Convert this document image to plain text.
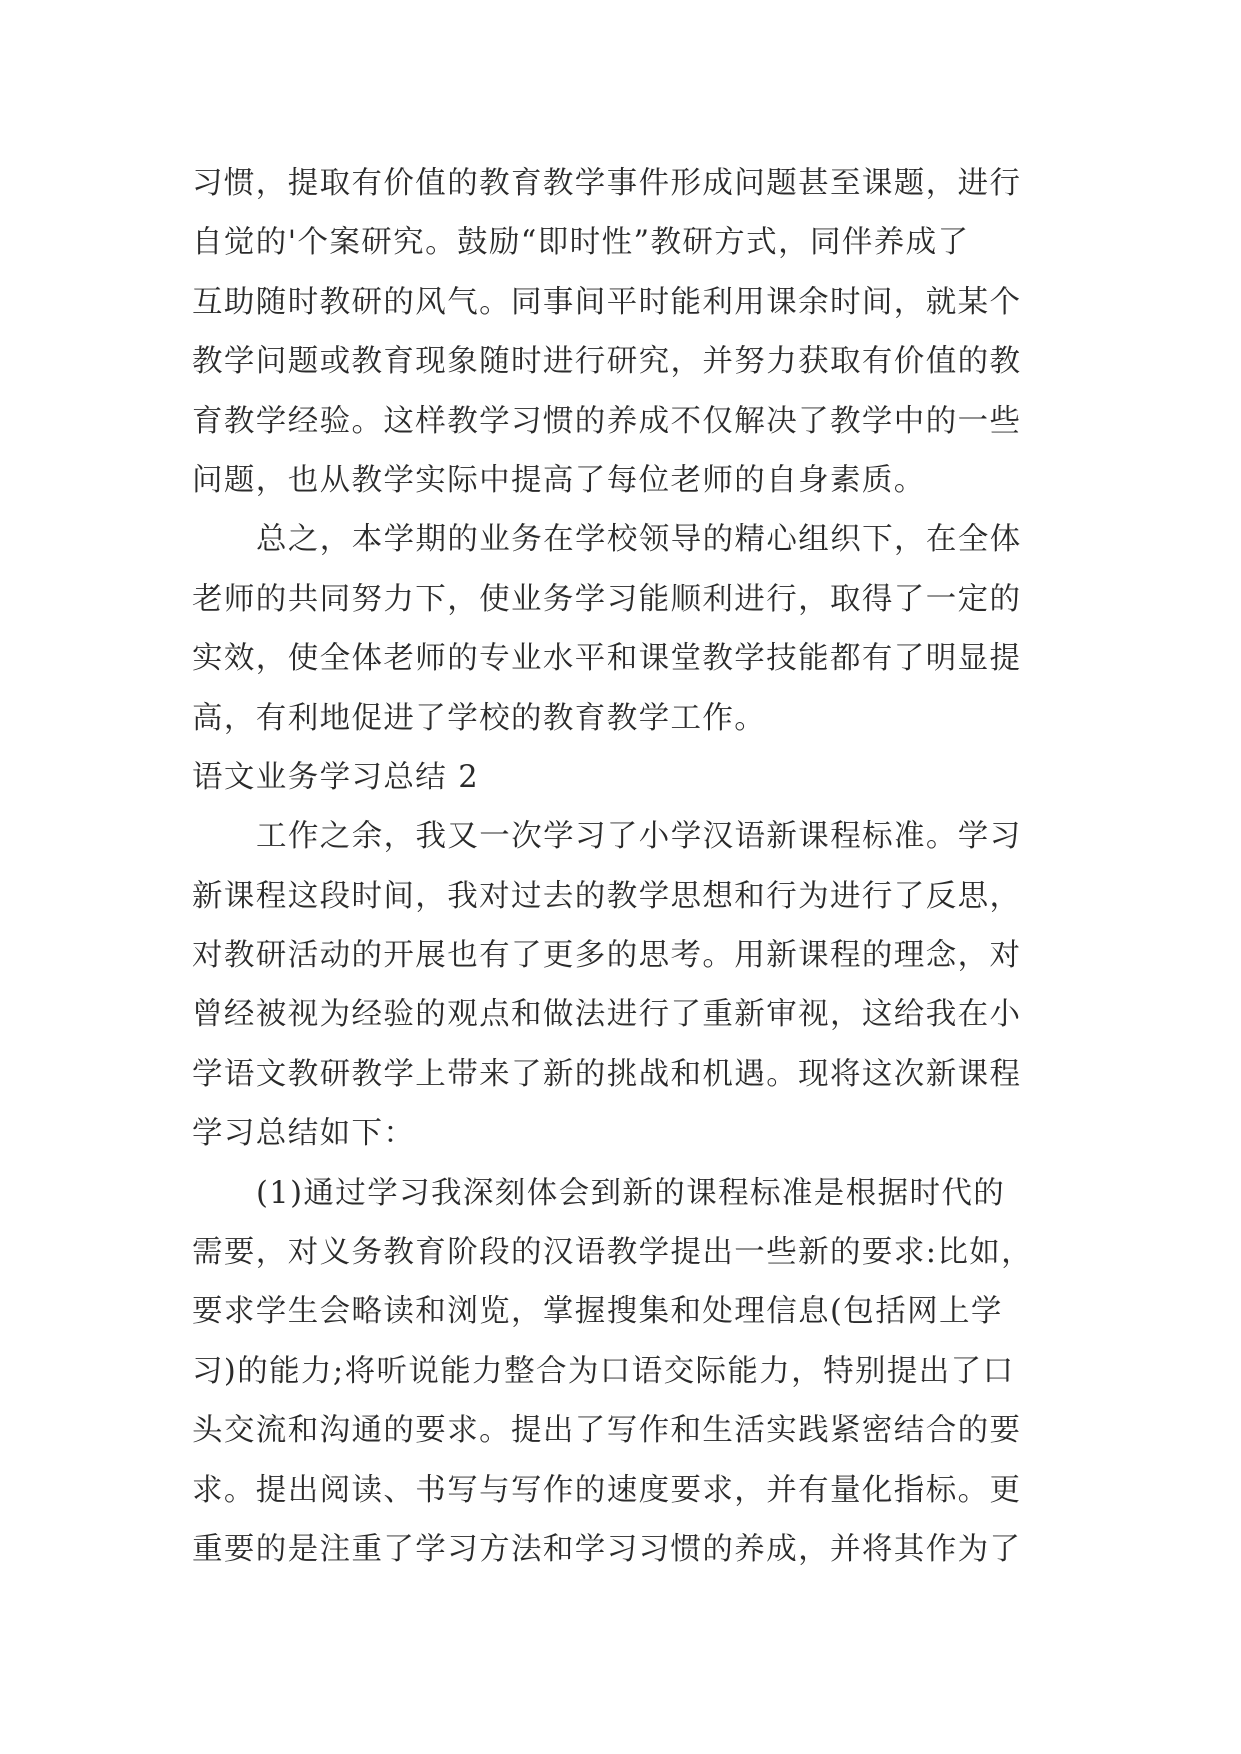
习惯，提取有价值的教育教学事件形成问题甚至课题，进行
自觉的'个案研究。鼓励“即时性”教研方式，同伴养成了
互助随时教研的风气。同事间平时能利用课余时间，就某个
教学问题或教育现象随时进行研究，并努力获取有价值的教
育教学经验。这样教学习惯的养成不仅解决了教学中的一些
问题，也从教学实际中提高了每位老师的自身素质。
总之，本学期的业务在学校领导的精心组织下，在全体
老师的共同努力下，使业务学习能顺利进行，取得了一定的
实效，使全体老师的专业水平和课堂教学技能都有了明显提
高，有利地促进了学校的教育教学工作。
语文业务学习总结 2
工作之余，我又一次学习了小学汉语新课程标准。学习
新课程这段时间，我对过去的教学思想和行为进行了反思，
对教研活动的开展也有了更多的思考。用新课程的理念，对
曾经被视为经验的观点和做法进行了重新审视，这给我在小
学语文教研教学上带来了新的挑战和机遇。现将这次新课程
学习总结如下：
(1)通过学习我深刻体会到新的课程标准是根据时代的
需要，对义务教育阶段的汉语教学提出一些新的要求:比如，
要求学生会略读和浏览，掌握搜集和处理信息(包括网上学
习)的能力;将听说能力整合为口语交际能力，特别提出了口
头交流和沟通的要求。提出了写作和生活实践紧密结合的要
求。提出阅读、书写与写作的速度要求，并有量化指标。更
重要的是注重了学习方法和学习习惯的养成，并将其作为了
